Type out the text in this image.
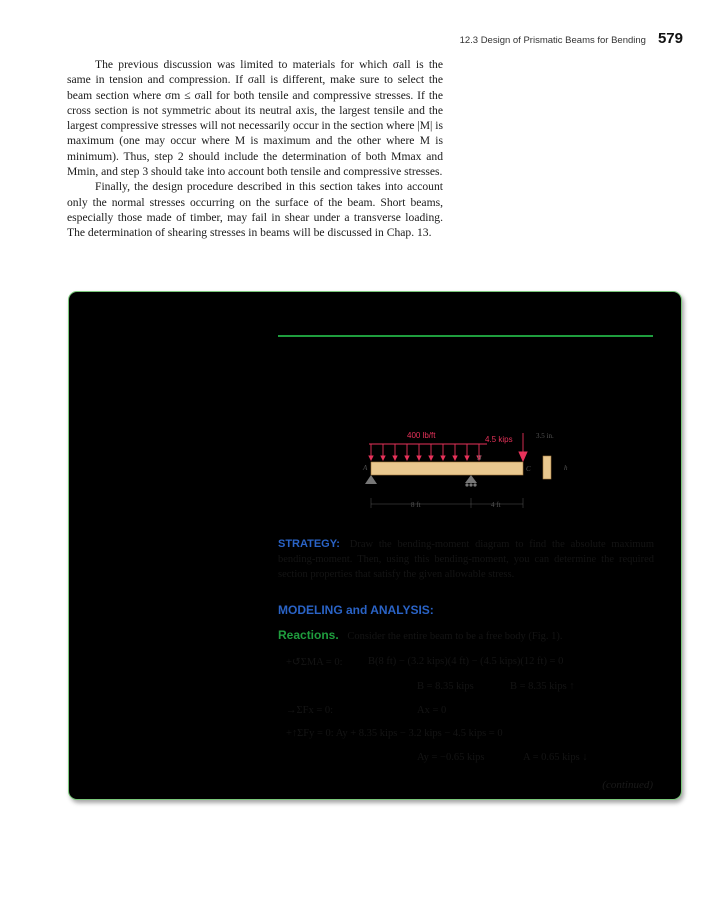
12.3 Design of Prismatic Beams for Bending 579

The previous discussion was limited to materials for which σall is the same in tension and compression. If σall is different, make sure to select the beam section where σm ≤ σall for both tensile and compressive stresses. If the cross section is not symmetric about its neutral axis, the largest tensile and the largest compressive stresses will not necessarily occur in the section where |M| is maximum (one may occur where M is maximum and the other where M is minimum). Thus, step 2 should include the determination of both Mmax and Mmin, and step 3 should take into account both tensile and compressive stresses.

Finally, the design procedure described in this section takes into account only the normal stresses occurring on the surface of the beam. Short beams, especially those made of timber, may fail in shear under a transverse loading. The determination of shearing stresses in beams will be discussed in Chap. 13.

400 lb/ft	4.5 kips
A
B
C
3.5 in.
h
8 ft	4 ft
STRATEGY: Draw the bending-moment diagram to find the absolute maximum bending-moment. Then, using this bending-moment, you can determine the required section properties that satisfy the given allowable stress.
MODELING and ANALYSIS:
Reactions. Consider the entire beam to be a free body (Fig. 1).
+↺ΣMA = 0: B(8 ft) − (3.2 kips)(4 ft) − (4.5 kips)(12 ft) = 0
B = 8.35 kips	B = 8.35 kips ↑
→ΣFx = 0:	Ax = 0
+↑ΣFy = 0: Ay + 8.35 kips − 3.2 kips − 4.5 kips = 0
Ay = −0.65 kips	A = 0.65 kips ↓
(continued)
